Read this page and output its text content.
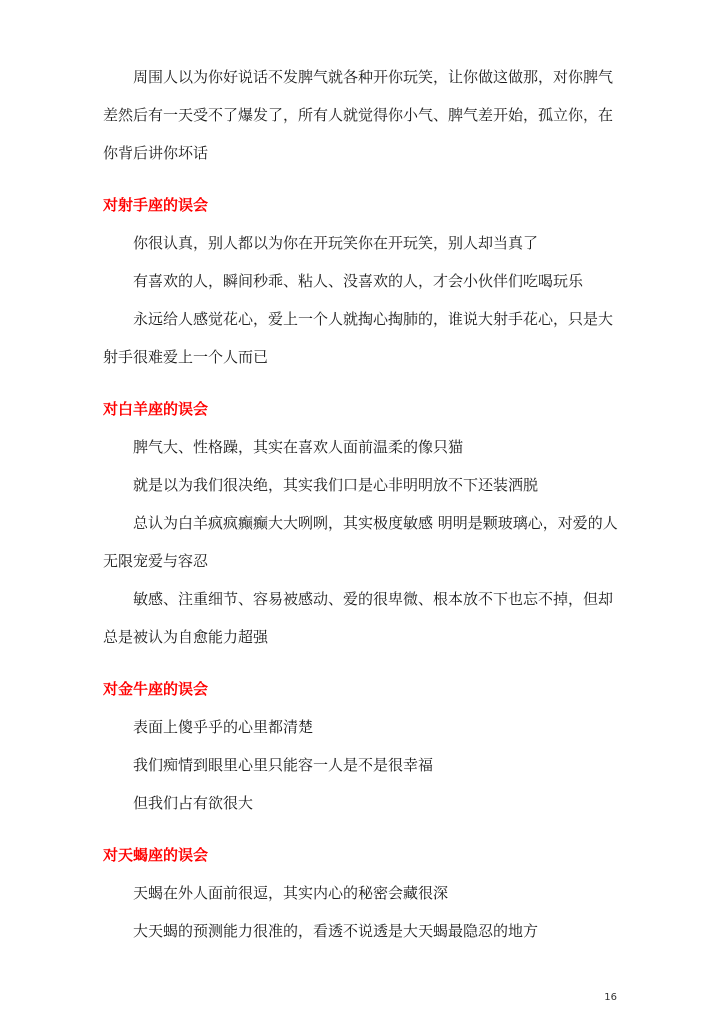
周围人以为你好说话不发脾气就各种开你玩笑，让你做这做那，对你脾气差然后有一天受不了爆发了，所有人就觉得你小气、脾气差开始，孤立你，在你背后讲你坏话

对射手座的误会

你很认真，别人都以为你在开玩笑你在开玩笑，别人却当真了

有喜欢的人，瞬间秒乖、粘人、没喜欢的人，才会小伙伴们吃喝玩乐

永远给人感觉花心，爱上一个人就掏心掏肺的，谁说大射手花心，只是大射手很难爱上一个人而已

对白羊座的误会

脾气大、性格躁，其实在喜欢人面前温柔的像只猫

就是以为我们很决绝，其实我们口是心非明明放不下还装洒脱

总认为白羊疯疯癫癫大大咧咧，其实极度敏感 明明是颗玻璃心，对爱的人无限宠爱与容忍

敏感、注重细节、容易被感动、爱的很卑微、根本放不下也忘不掉，但却总是被认为自愈能力超强

对金牛座的误会

表面上傻乎乎的心里都清楚

我们痴情到眼里心里只能容一人是不是很幸福

但我们占有欲很大

对天蝎座的误会

天蝎在外人面前很逗，其实内心的秘密会藏很深

大天蝎的预测能力很准的，看透不说透是大天蝎最隐忍的地方

16
